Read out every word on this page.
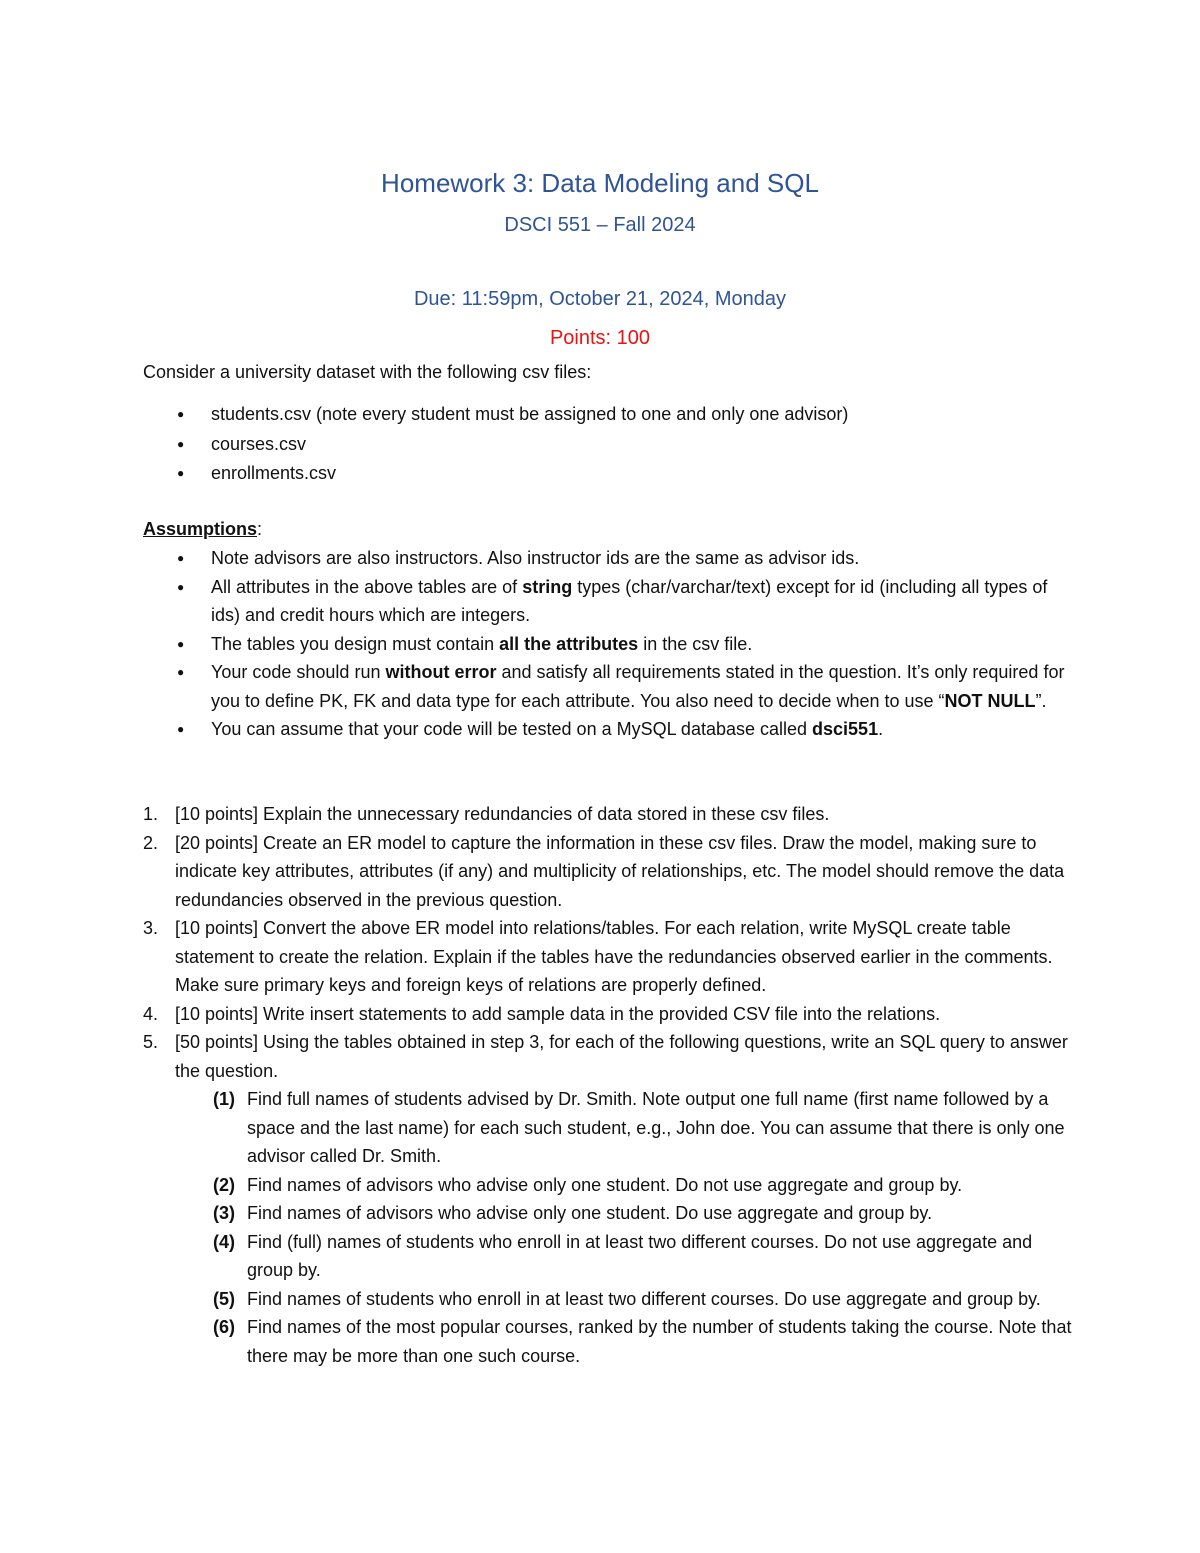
Homework 3: Data Modeling and SQL
DSCI 551 – Fall 2024
Due: 11:59pm, October 21, 2024, Monday
Points: 100
Consider a university dataset with the following csv files:
● students.csv (note every student must be assigned to one and only one advisor)
● courses.csv
● enrollments.csv
Assumptions:
● Note advisors are also instructors. Also instructor ids are the same as advisor ids.
● All attributes in the above tables are of string types (char/varchar/text) except for id (including all types of ids) and credit hours which are integers.
● The tables you design must contain all the attributes in the csv file.
● Your code should run without error and satisfy all requirements stated in the question. It’s only required for you to define PK, FK and data type for each attribute. You also need to decide when to use “NOT NULL”.
● You can assume that your code will be tested on a MySQL database called dsci551.
1. [10 points] Explain the unnecessary redundancies of data stored in these csv files.
2. [20 points] Create an ER model to capture the information in these csv files. Draw the model, making sure to indicate key attributes, attributes (if any) and multiplicity of relationships, etc. The model should remove the data redundancies observed in the previous question.
3. [10 points] Convert the above ER model into relations/tables. For each relation, write MySQL create table statement to create the relation. Explain if the tables have the redundancies observed earlier in the comments. Make sure primary keys and foreign keys of relations are properly defined.
4. [10 points] Write insert statements to add sample data in the provided CSV file into the relations.
5. [50 points] Using the tables obtained in step 3, for each of the following questions, write an SQL query to answer the question.
(1) Find full names of students advised by Dr. Smith. Note output one full name (first name followed by a space and the last name) for each such student, e.g., John doe. You can assume that there is only one advisor called Dr. Smith.
(2) Find names of advisors who advise only one student. Do not use aggregate and group by.
(3) Find names of advisors who advise only one student. Do use aggregate and group by.
(4) Find (full) names of students who enroll in at least two different courses. Do not use aggregate and group by.
(5) Find names of students who enroll in at least two different courses. Do use aggregate and group by.
(6) Find names of the most popular courses, ranked by the number of students taking the course. Note that there may be more than one such course.
